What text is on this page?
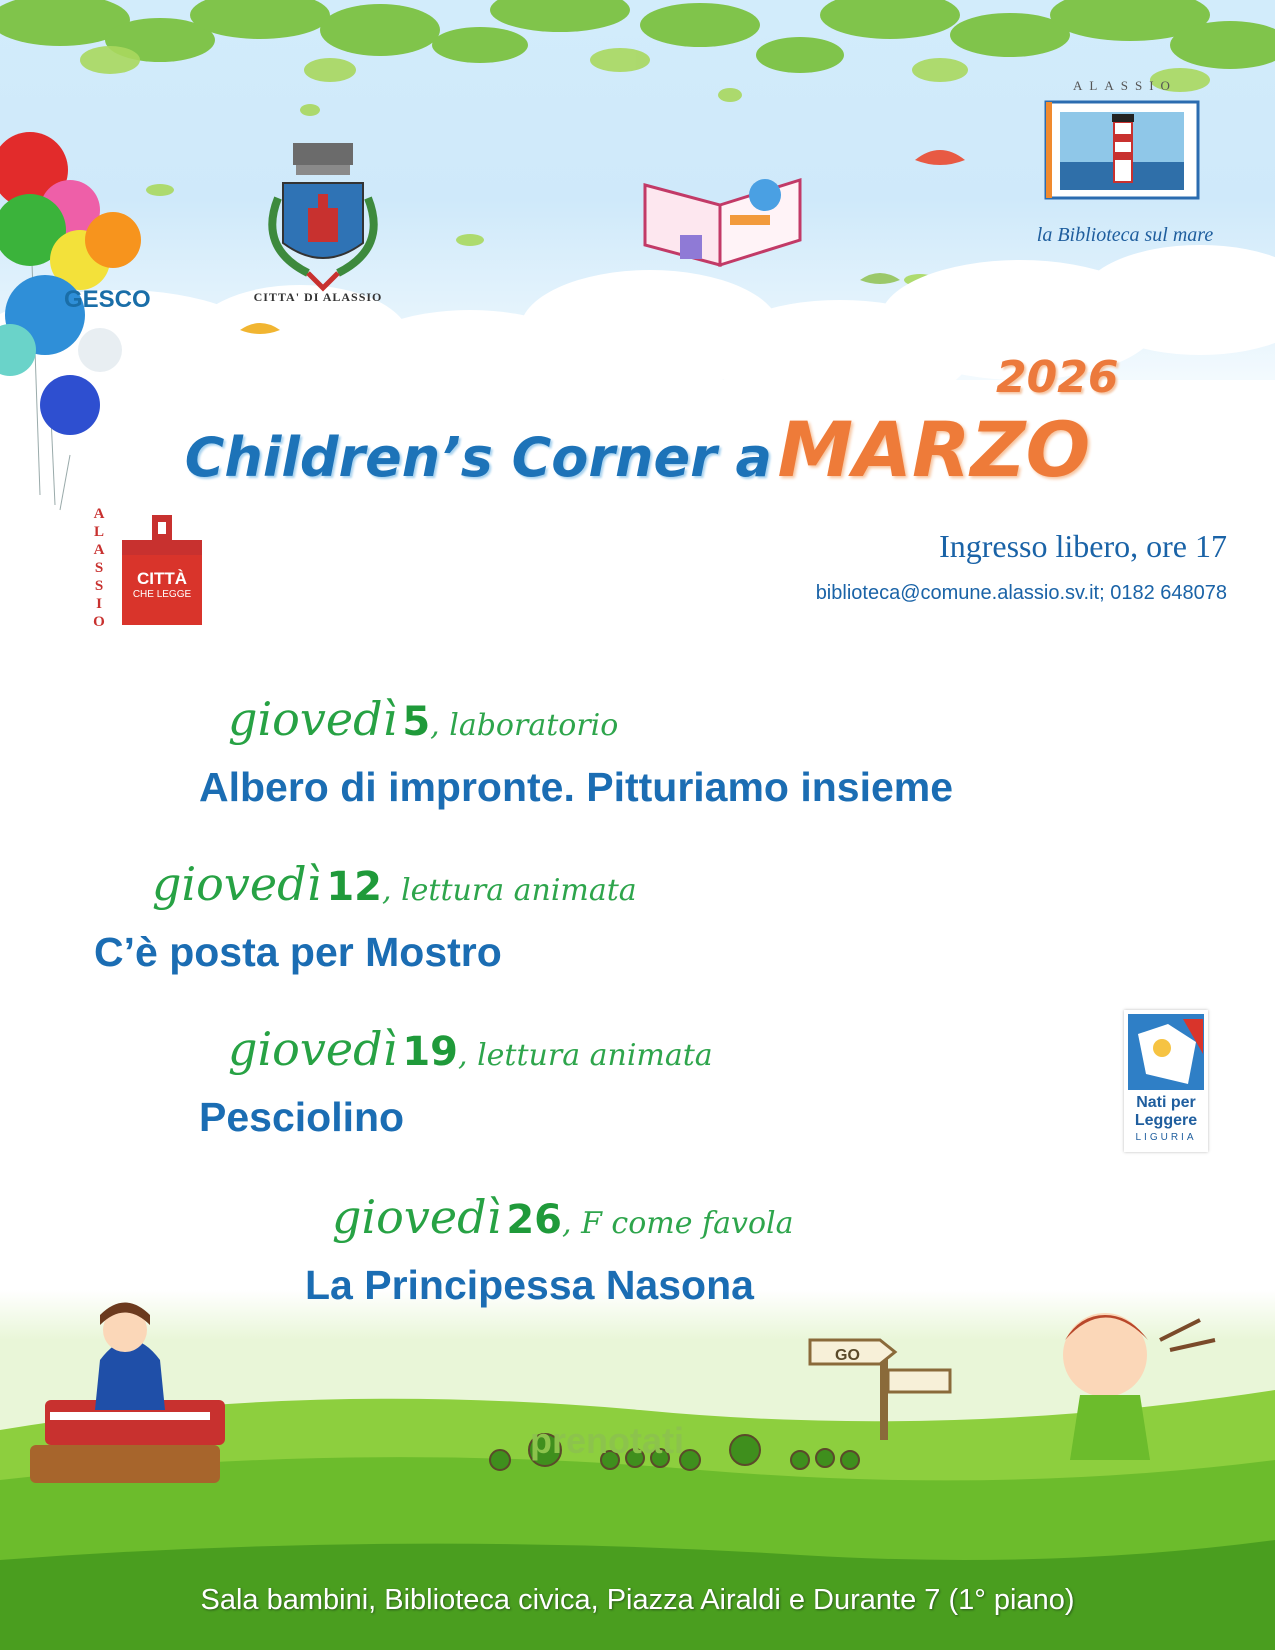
GESCO	CITTA' DI ALASSIO
ALASSIO
la Biblioteca sul mare
2026
Children’s Corner a MARZO
A
L
A
S
S
I
O
CITTÀ
CHE LEGGE
Ingresso libero, ore 17
biblioteca@comune.alassio.sv.it; 0182 648078
giovedì 5, laboratorio
Albero di impronte. Pitturiamo insieme
giovedì 12, lettura animata
C’è posta per Mostro
giovedì 19, lettura animata
Pesciolino
giovedì 26, F come favola
La Principessa Nasona
Nati per
Leggere
LIGURIA
GO
prenotati
Sala bambini, Biblioteca civica, Piazza Airaldi e Durante 7 (1° piano)
